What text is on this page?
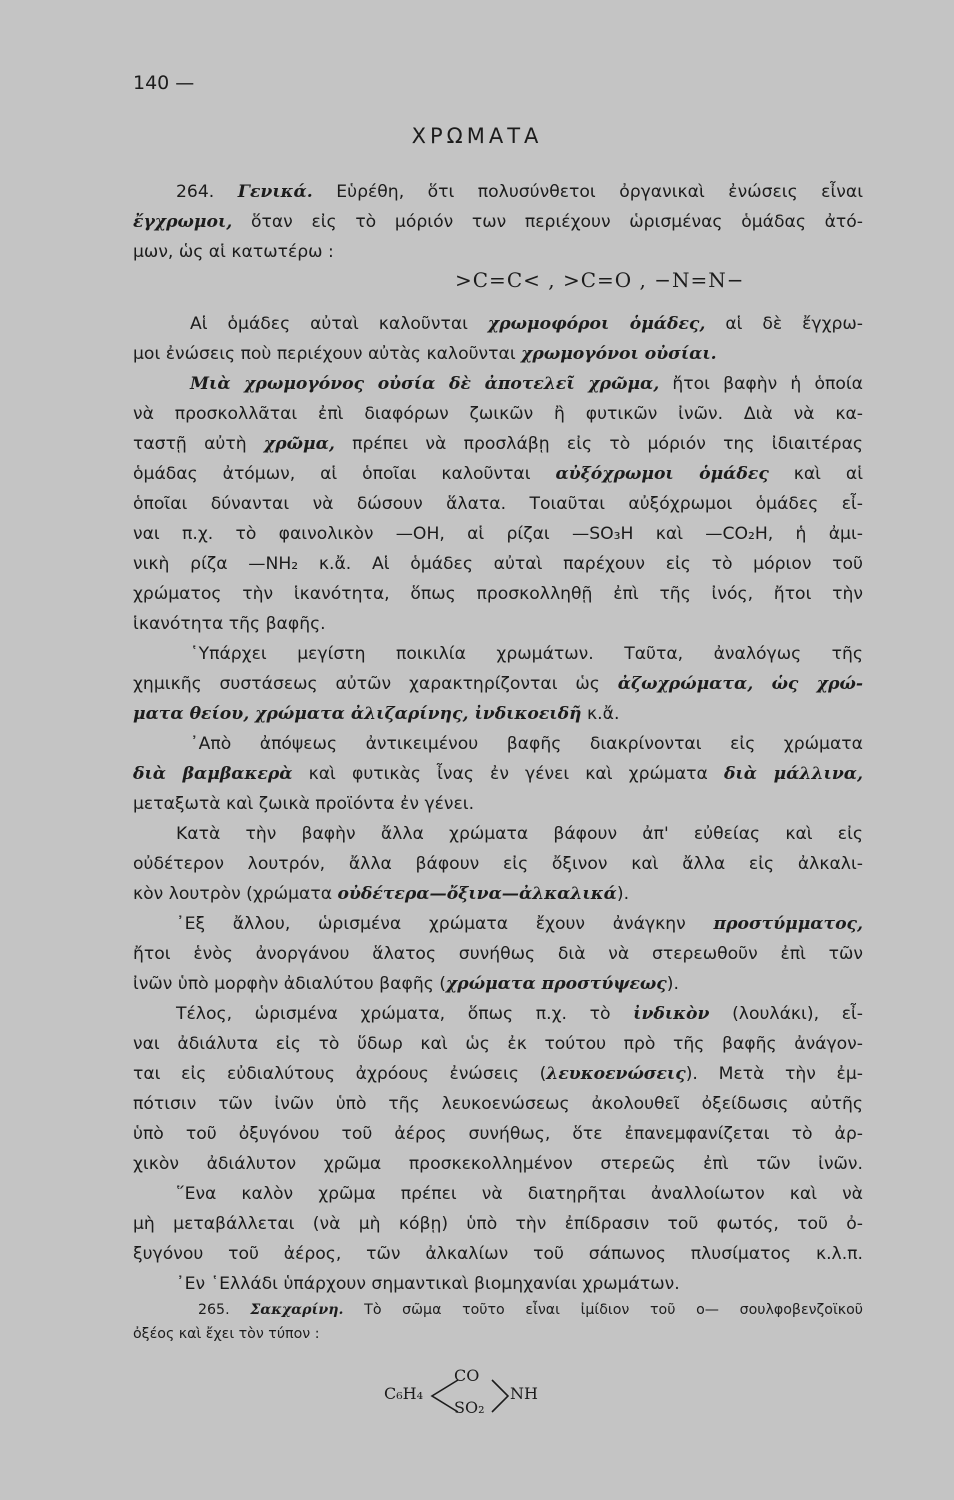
140 —
ΧΡΩΜΑΤΑ
264. Γενικά. Εὑρέθη, ὅτι πολυσύνθετοι ὀργανικαὶ ἐνώσεις εἶναι
ἔγχρωμοι, ὅταν εἰς τὸ μόριόν των περιέχουν ὡρισμένας ὁμάδας ἀτό-
μων, ὡς αἱ κατωτέρω :
>C=C< , >C=O , −N=N−
Αἱ ὁμάδες αὐταὶ καλοῦνται χρωμοφόροι ὁμάδες, αἱ δὲ ἔγχρω-
μοι ἐνώσεις ποὺ περιέχουν αὐτὰς καλοῦνται χρωμογόνοι οὐσίαι.
Μιὰ χρωμογόνος οὐσία δὲ ἀποτελεῖ χρῶμα, ἤτοι βαφὴν ἡ ὁποία
νὰ προσκολλᾶται ἐπὶ διαφόρων ζωικῶν ἢ φυτικῶν ἰνῶν. Διὰ νὰ κα-
ταστῇ αὐτὴ χρῶμα, πρέπει νὰ προσλάβῃ εἰς τὸ μόριόν της ἰδιαιτέρας
ὁμάδας ἀτόμων, αἱ ὁποῖαι καλοῦνται αὐξόχρωμοι ὁμάδες καὶ αἱ
ὁποῖαι δύνανται νὰ δώσουν ἅλατα. Τοιαῦται αὐξόχρωμοι ὁμάδες εἶ-
ναι π.χ. τὸ φαινολικὸν —OH, αἱ ρίζαι —SO₃H καὶ —CO₂H, ἡ ἀμι-
νικὴ ρίζα —NH₂ κ.ἄ. Αἱ ὁμάδες αὐταὶ παρέχουν εἰς τὸ μόριον τοῦ
χρώματος τὴν ἱκανότητα, ὅπως προσκολληθῇ ἐπὶ τῆς ἰνός, ἤτοι τὴν
ἱκανότητα τῆς βαφῆς.
῾Υπάρχει μεγίστη ποικιλία χρωμάτων. Ταῦτα, ἀναλόγως τῆς
χημικῆς συστάσεως αὐτῶν χαρακτηρίζονται ὡς ἀζωχρώματα, ὡς χρώ-
ματα θείου, χρώματα ἀλιζαρίνης, ἰνδικοειδῆ κ.ἄ.
᾿Απὸ ἀπόψεως ἀντικειμένου βαφῆς διακρίνονται εἰς χρώματα
διὰ βαμβακερὰ καὶ φυτικὰς ἶνας ἐν γένει καὶ χρώματα διὰ μάλλινα,
μεταξωτὰ καὶ ζωικὰ προϊόντα ἐν γένει.
Κατὰ τὴν βαφὴν ἄλλα χρώματα βάφουν ἀπ' εὐθείας καὶ εἰς
οὐδέτερον λουτρόν, ἄλλα βάφουν εἰς ὄξινον καὶ ἄλλα εἰς ἀλκαλι-
κὸν λουτρὸν (χρώματα οὐδέτερα—ὄξινα—ἀλκαλικά).
᾿Εξ ἄλλου, ὡρισμένα χρώματα ἔχουν ἀνάγκην προστύμματος,
ἤτοι ἑνὸς ἀνοργάνου ἅλατος συνήθως διὰ νὰ στερεωθοῦν ἐπὶ τῶν
ἰνῶν ὑπὸ μορφὴν ἀδιαλύτου βαφῆς (χρώματα προστύψεως).
Τέλος, ὡρισμένα χρώματα, ὅπως π.χ. τὸ ἰνδικὸν (λουλάκι), εἶ-
ναι ἀδιάλυτα εἰς τὸ ὕδωρ καὶ ὡς ἐκ τούτου πρὸ τῆς βαφῆς ἀνάγον-
ται εἰς εὐδιαλύτους ἀχρόους ἐνώσεις (λευκοενώσεις). Μετὰ τὴν ἐμ-
πότισιν τῶν ἰνῶν ὑπὸ τῆς λευκοενώσεως ἀκολουθεῖ ὀξείδωσις αὐτῆς
ὑπὸ τοῦ ὀξυγόνου τοῦ ἀέρος συνήθως, ὅτε ἐπανεμφανίζεται τὸ ἀρ-
χικὸν ἀδιάλυτον χρῶμα προσκεκολλημένον στερεῶς ἐπὶ τῶν ἰνῶν.
῞Ενα καλὸν χρῶμα πρέπει νὰ διατηρῆται ἀναλλοίωτον καὶ νὰ
μὴ μεταβάλλεται (νὰ μὴ κόβῃ) ὑπὸ τὴν ἐπίδρασιν τοῦ φωτός, τοῦ ὀ-
ξυγόνου τοῦ ἀέρος, τῶν ἀλκαλίων τοῦ σάπωνος πλυσίματος κ.λ.π.
᾿Εν ῾Ελλάδι ὑπάρχουν σημαντικαὶ βιομηχανίαι χρωμάτων.
265. Σακχαρίνη. Τὸ σῶμα τοῦτο εἶναι ἰμίδιον τοῦ ο— σουλφοβενζοϊκοῦ
ὀξέος καὶ ἔχει τὸν τύπον :
C₆H₄
CO
SO₂
NH
